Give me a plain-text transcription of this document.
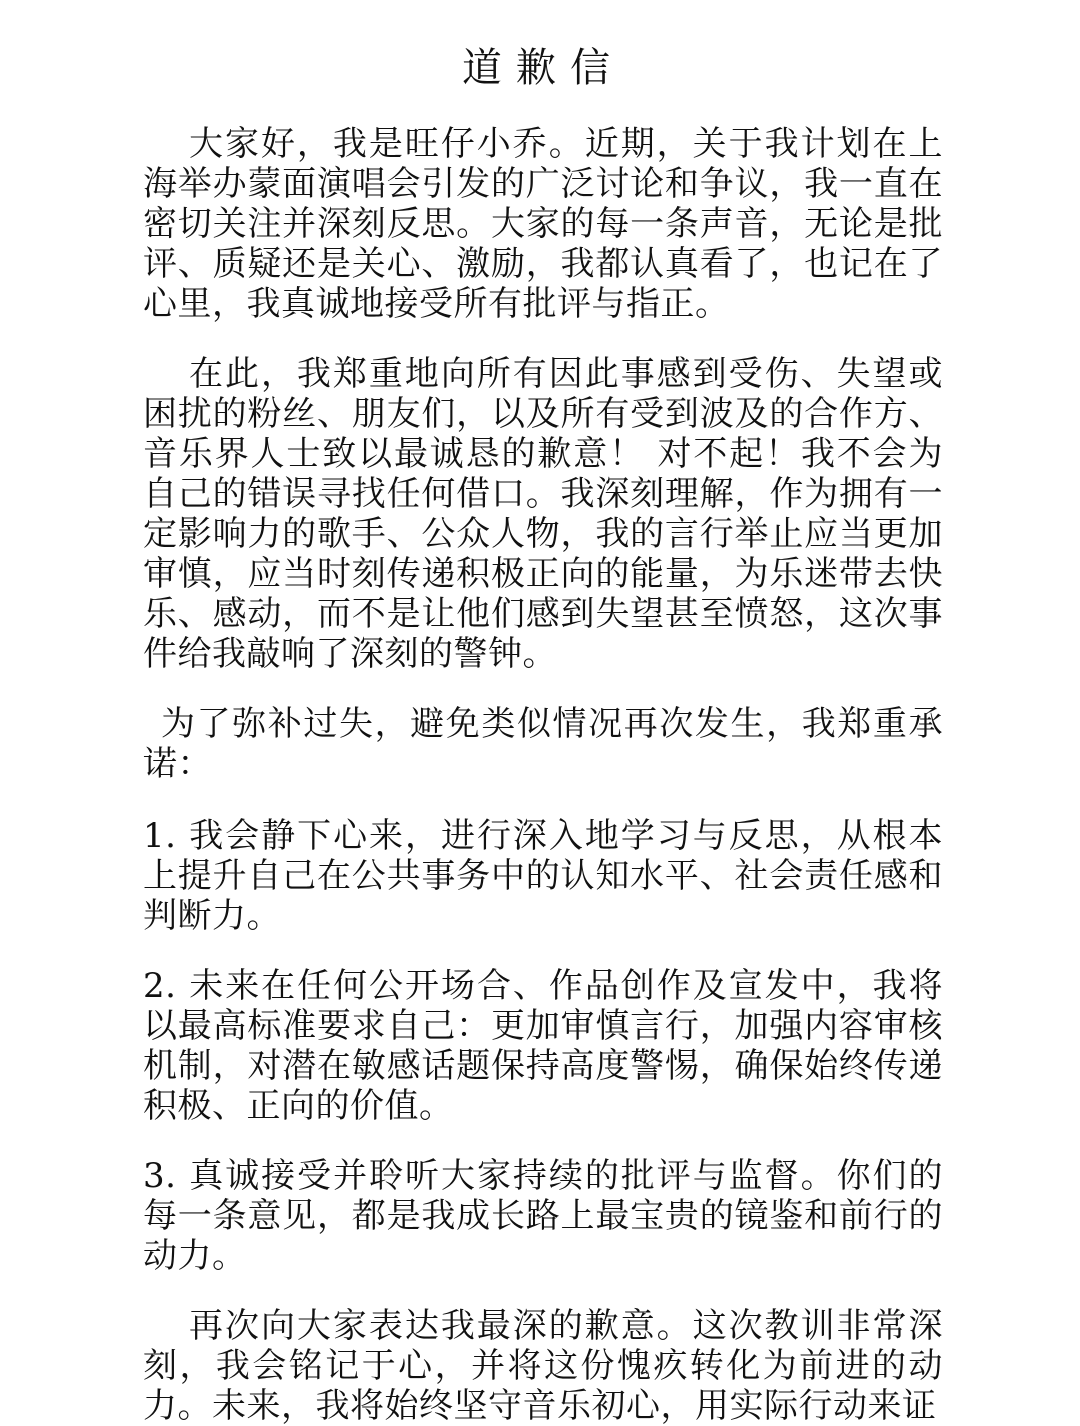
道歉信

大家好，我是旺仔小乔。近期，关于我计划在上海举办蒙面演唱会引发的广泛讨论和争议，我一直在密切关注并深刻反思。大家的每一条声音，无论是批评、质疑还是关心、激励，我都认真看了，也记在了心里，我真诚地接受所有批评与指正。

在此，我郑重地向所有因此事感到受伤、失望或困扰的粉丝、朋友们，以及所有受到波及的合作方、音乐界人士致以最诚恳的歉意！ 对不起！我不会为自己的错误寻找任何借口。我深刻理解，作为拥有一定影响力的歌手、公众人物，我的言行举止应当更加审慎，应当时刻传递积极正向的能量，为乐迷带去快乐、感动，而不是让他们感到失望甚至愤怒，这次事件给我敲响了深刻的警钟。

为了弥补过失，避免类似情况再次发生，我郑重承诺：

1. 我会静下心来，进行深入地学习与反思，从根本上提升自己在公共事务中的认知水平、社会责任感和判断力。

2. 未来在任何公开场合、作品创作及宣发中，我将以最高标准要求自己：更加审慎言行，加强内容审核机制，对潜在敏感话题保持高度警惕，确保始终传递积极、正向的价值。

3. 真诚接受并聆听大家持续的批评与监督。你们的每一条意见，都是我成长路上最宝贵的镜鉴和前行的动力。

再次向大家表达我最深的歉意。这次教训非常深刻，我会铭记于心，并将这份愧疚转化为前进的动力。未来，我将始终坚守音乐初心，用实际行动来证
